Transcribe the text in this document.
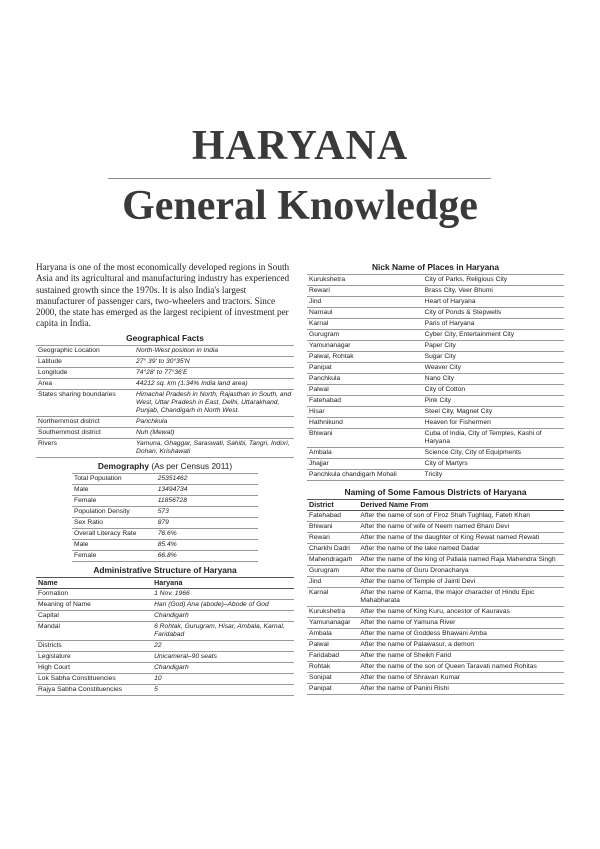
HARYANA
General Knowledge

Haryana is one of the most economically developed regions in South Asia and its agricultural and manufacturing industry has experienced sustained growth since the 1970s. It is also India's largest manufacturer of passenger cars, two-wheelers and tractors. Since 2000, the state has emerged as the largest recipient of investment per capita in India.

Geographical Facts
Geographic Location	North-West position in India
Latitude	27° 39' to 30°35'N
Longitude	74°28' to 77°36'E
Area	44212 sq. km (1.34% India land area)
States sharing boundaries	Himachal Pradesh in North, Rajasthan in South, and West, Uttar Pradesh in East, Delhi, Uttarakhand, Punjab, Chandigarh in North West.
Northernmost district	Panchkula
Southernmost district	Nuh (Mewat)
Rivers	Yamuna, Ghaggar, Saraswati, Sahibi, Tangri, Indori, Dohan, Krishawati
Demography (As per Census 2011)
Total Population	25351462
Male	13494734
Female	11856728
Population Density	573
Sex Ratio	879
Overall Literacy Rate	76.6%
Male	85.4%
Female	66.8%
Administrative Structure of Haryana
Name	Haryana
Formation	1 Nov. 1966
Meaning of Name	Hari (God) Ana (abode)–Abode of God
Capital	Chandigarh
Mandal	6 Rohtak, Gurugram, Hisar, Ambala, Karnal, Faridabad
Districts	22
Legislature	Unicameral–90 seats
High Court	Chandigarh
Lok Sabha Constituencies	10
Rajya Sabha Constituencies	5
Nick Name of Places in Haryana
Kurukshetra	City of Parks, Religious City
Rewari	Brass City, Veer Bhumi
Jind	Heart of Haryana
Narnaul	City of Ponds & Stepwells
Karnal	Paris of Haryana
Gurugram	Cyber City, Entertainment City
Yamunanagar	Paper City
Palwal, Rohtak	Sugar City
Panipat	Weaver City
Panchkula	Nano City
Palwal	City of Cotton
Fatehabad	Pink City
Hisar	Steel City, Magnet City
Hathnikund	Heaven for Fishermen
Bhiwani	Cuba of India, City of Temples, Kashi of Haryana
Ambala	Science City, City of Equipments
Jhajjar	City of Martyrs
Panchkula chandigarh Mohali	Tricity
Naming of Some Famous Districts of Haryana
District	Derived Name From
Fatehabad	After the name of son of Firoz Shah Tughlaq, Fateh Khan
Bhiwani	After the name of wife of Neem named Bhani Devi
Rewari	After the name of the daughter of King Rewat named Rewati
Charkhi Dadri	After the name of the lake named Dadar
Mahendragarh	After the name of the king of Patiala named Raja Mahendra Singh
Gurugram	After the name of Guru Dronacharya
Jind	After the name of Temple of Jainti Devi
Karnal	After the name of Karna, the major character of Hindu Epic Mahabharata
Kurukshetra	After the name of King Kuru, ancestor of Kauravas
Yamunanagar	After the name of Yamuna River
Ambala	After the name of Goddess Bhawani Amba
Palwal	After the name of Palawasur, a demon
Faridabad	After the name of Sheikh Farid
Rohtak	After the name of the son of Queen Taravati named Rohitas
Sonipat	After the name of Shravan Kumar
Panipat	After the name of Panini Rishi
